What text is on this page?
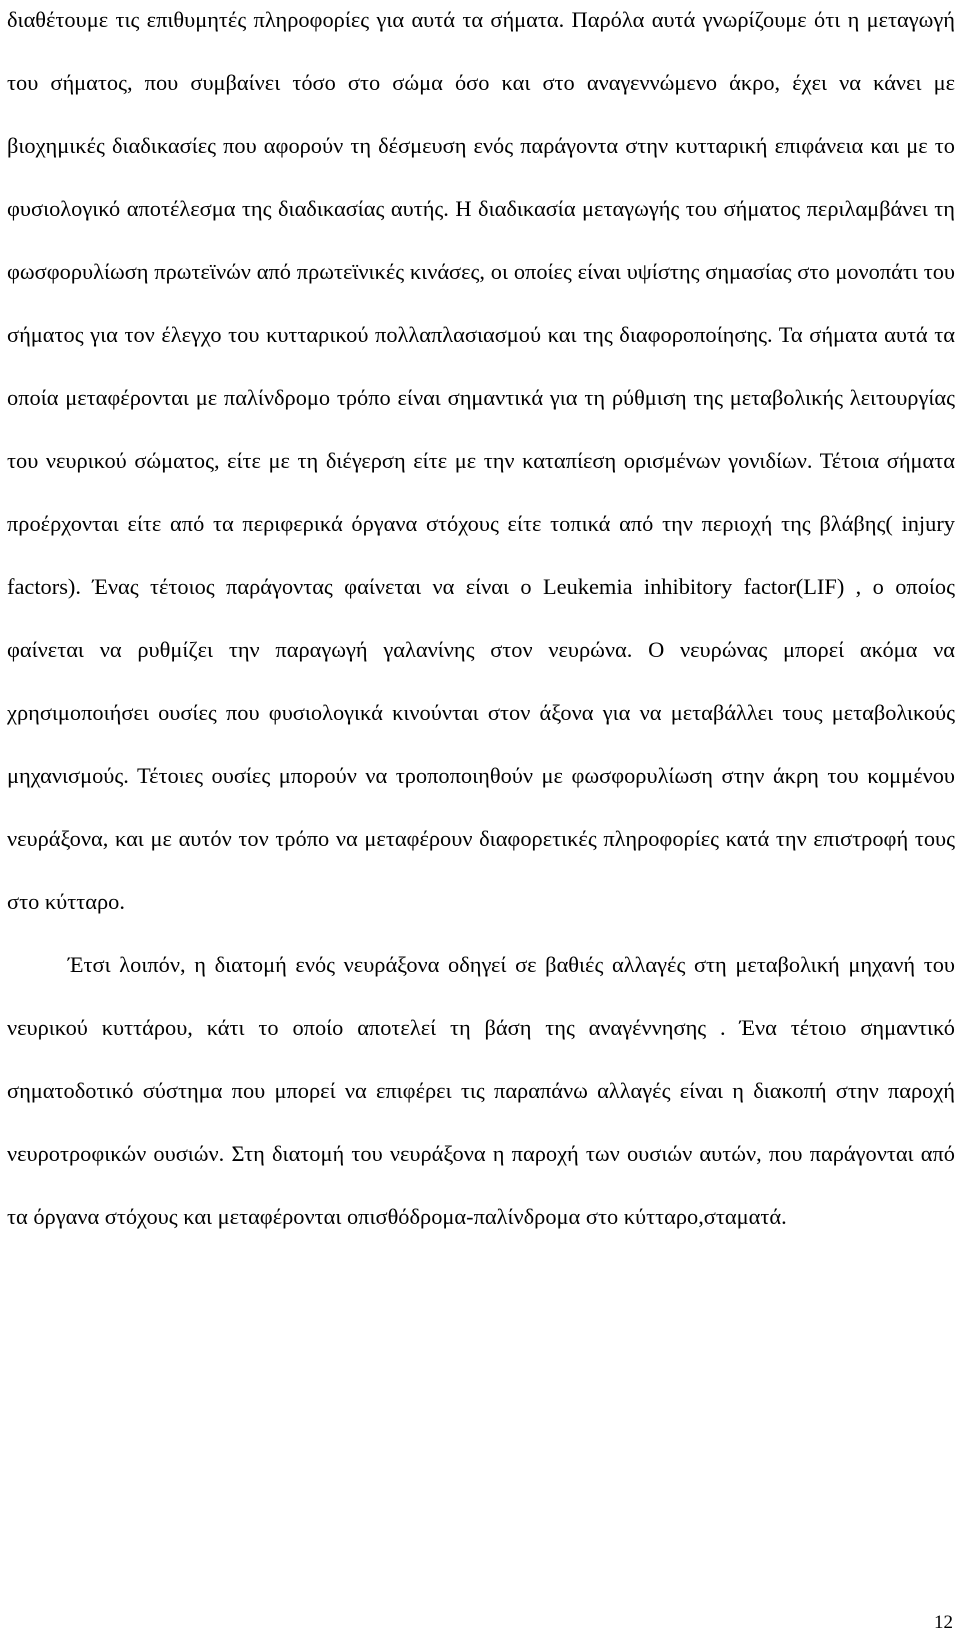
διαθέτουμε τις επιθυμητές πληροφορίες για αυτά τα σήματα. Παρόλα αυτά γνωρίζουμε ότι η μεταγωγή του σήματος, που συμβαίνει τόσο στο σώμα όσο και στο αναγεννώμενο άκρο, έχει να κάνει με βιοχημικές διαδικασίες που αφορούν τη δέσμευση ενός παράγοντα στην κυτταρική επιφάνεια και με το φυσιολογικό αποτέλεσμα της διαδικασίας αυτής. Η διαδικασία μεταγωγής του σήματος περιλαμβάνει τη φωσφορυλίωση πρωτεϊνών από πρωτεϊνικές κινάσες, οι οποίες είναι υψίστης σημασίας στο μονοπάτι του σήματος για τον έλεγχο του κυτταρικού πολλαπλασιασμού και της διαφοροποίησης. Τα σήματα αυτά τα οποία μεταφέρονται με παλίνδρομο τρόπο είναι σημαντικά για τη ρύθμιση της μεταβολικής λειτουργίας του νευρικού σώματος, είτε με τη διέγερση είτε με την καταπίεση ορισμένων γονιδίων. Τέτοια σήματα προέρχονται είτε από τα περιφερικά όργανα στόχους είτε τοπικά από την περιοχή της βλάβης( injury factors). Ένας τέτοιος παράγοντας φαίνεται να είναι ο Leukemia inhibitory factor(LIF) , ο οποίος φαίνεται να ρυθμίζει την παραγωγή γαλανίνης στον νευρώνα. Ο νευρώνας μπορεί ακόμα να χρησιμοποιήσει ουσίες που φυσιολογικά κινούνται στον άξονα για να μεταβάλλει τους μεταβολικούς μηχανισμούς. Τέτοιες ουσίες μπορούν να τροποποιηθούν με φωσφορυλίωση στην άκρη του κομμένου νευράξονα, και με αυτόν τον τρόπο να μεταφέρουν διαφορετικές πληροφορίες κατά την επιστροφή τους στο κύτταρο.

Έτσι λοιπόν, η διατομή ενός νευράξονα οδηγεί σε βαθιές αλλαγές στη μεταβολική μηχανή του νευρικού κυττάρου, κάτι το οποίο αποτελεί τη βάση της αναγέννησης . Ένα τέτοιο σημαντικό σηματοδοτικό σύστημα που μπορεί να επιφέρει τις παραπάνω αλλαγές είναι η διακοπή στην παροχή νευροτροφικών ουσιών. Στη διατομή του νευράξονα η παροχή των ουσιών αυτών, που παράγονται από τα όργανα στόχους και μεταφέρονται οπισθόδρομα-παλίνδρομα στο κύτταρο,σταματά.

12
